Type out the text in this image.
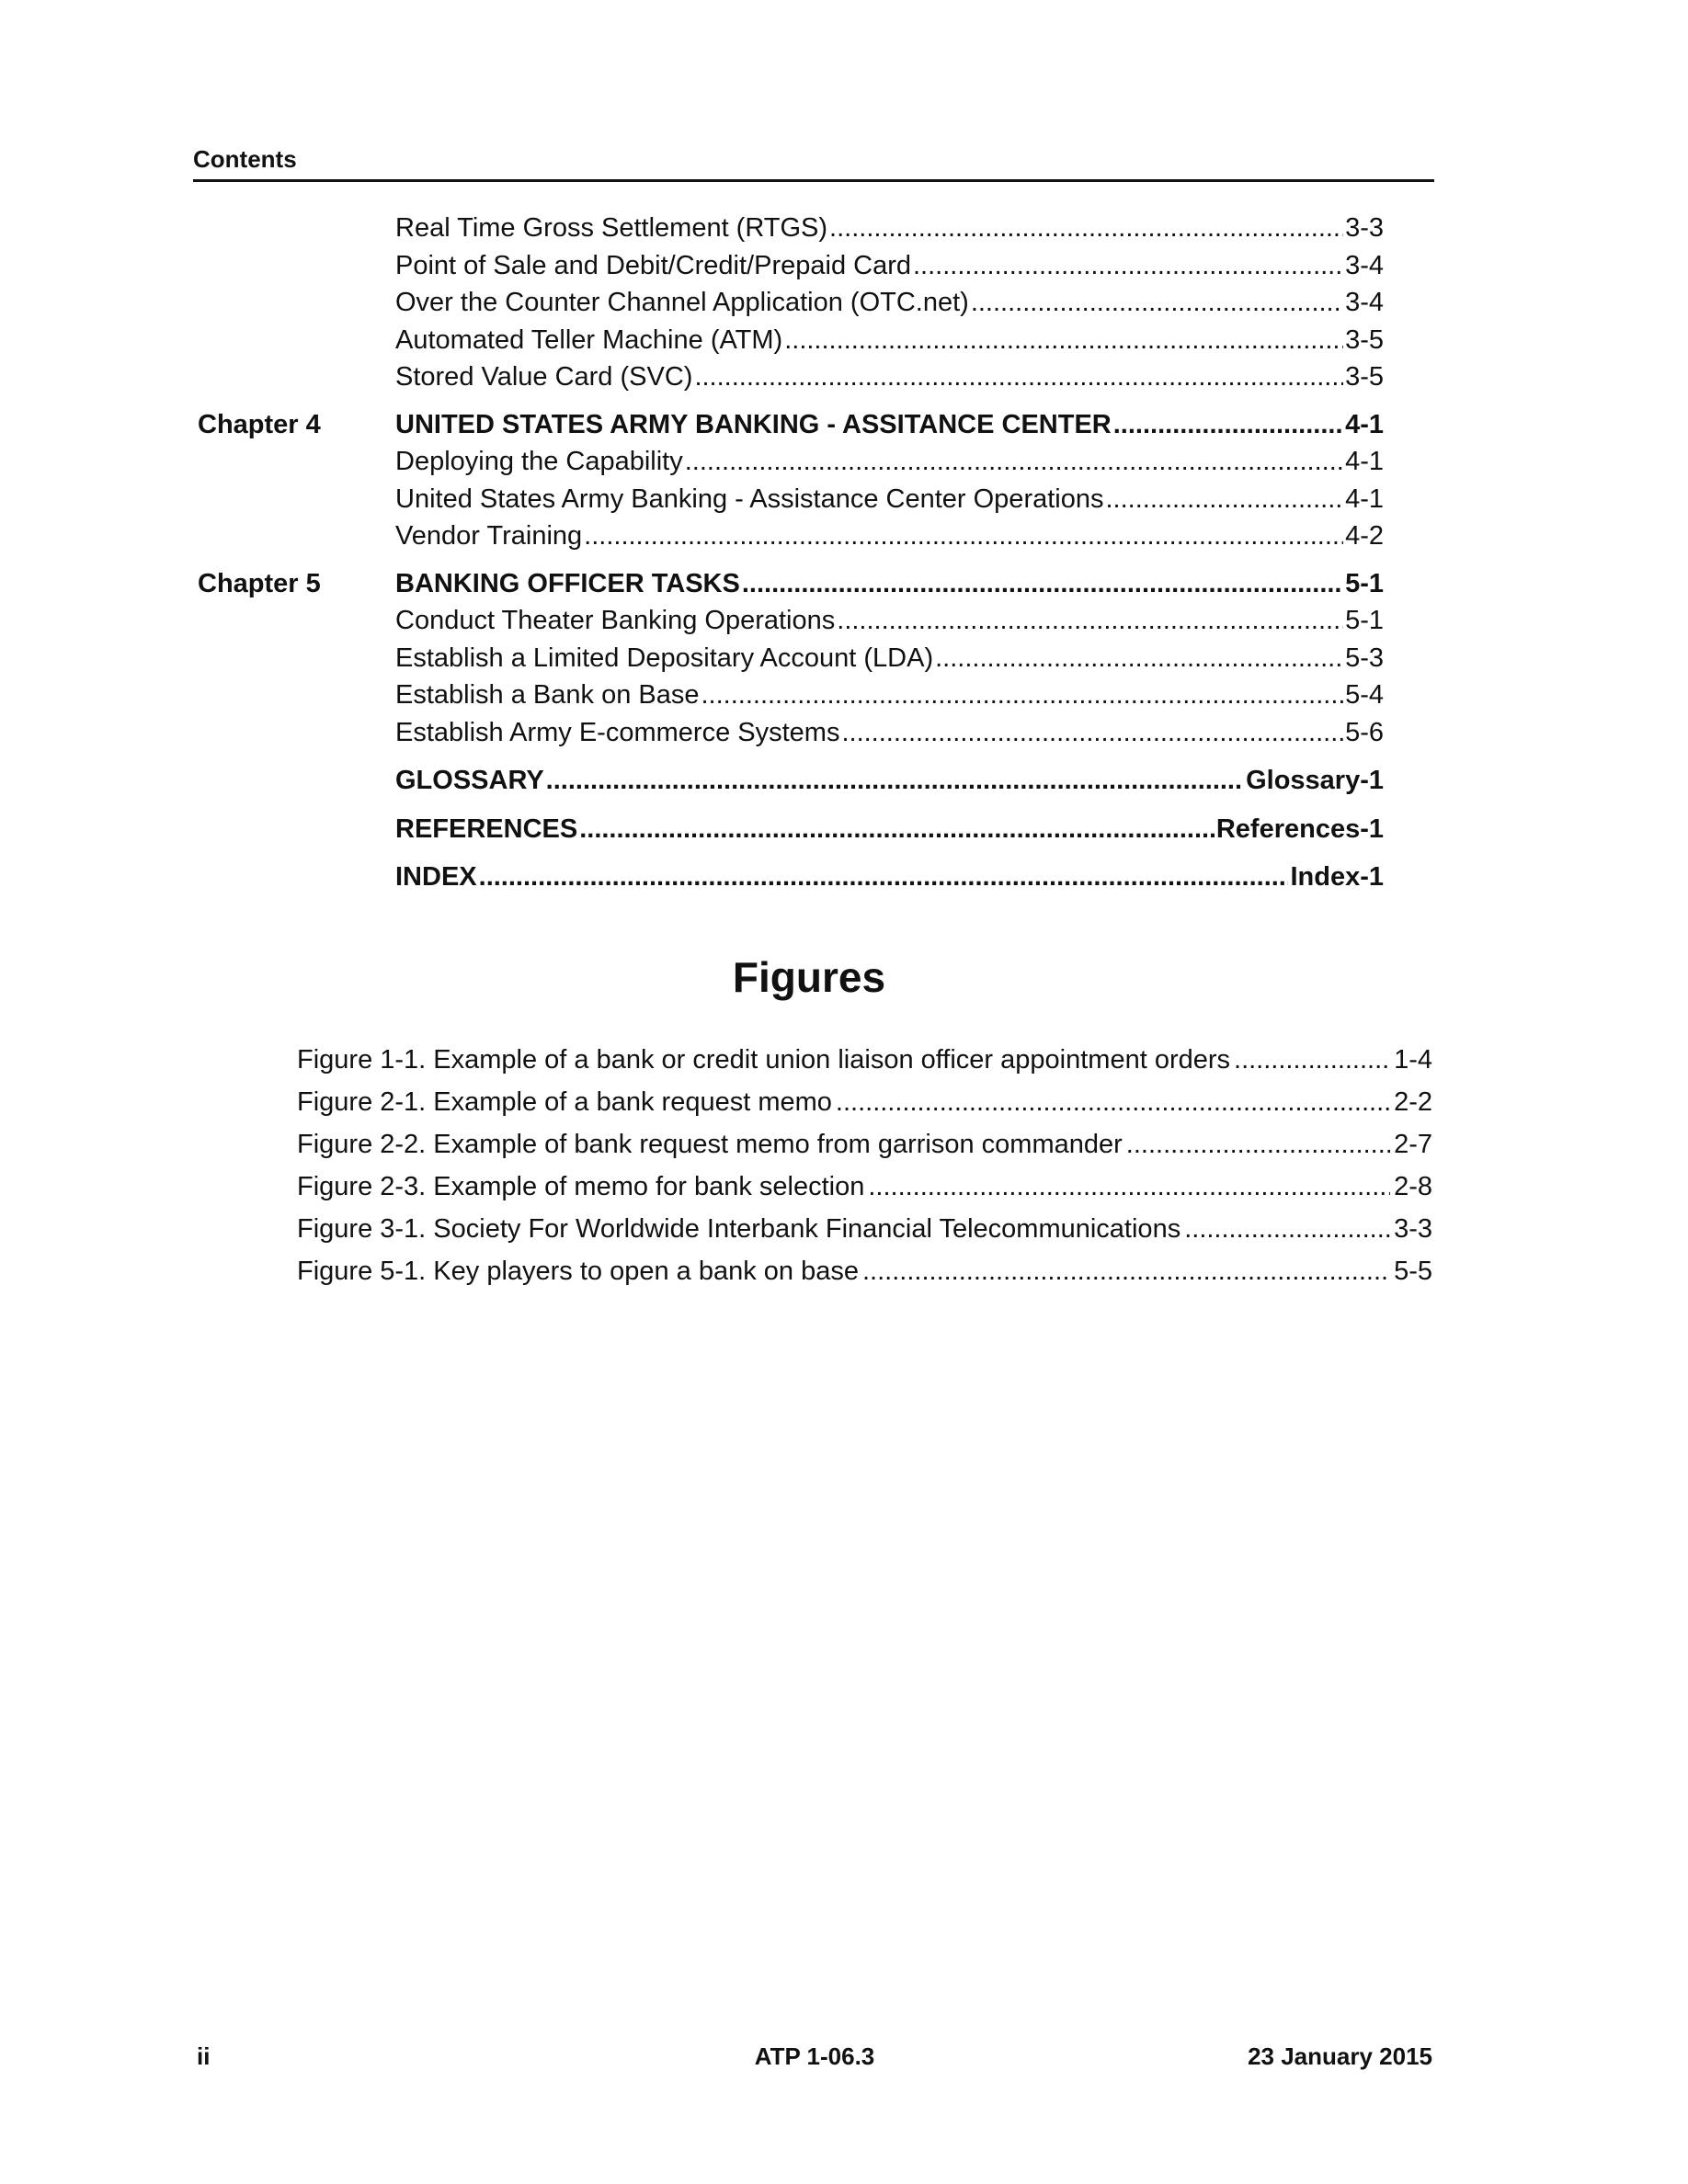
Contents
Real Time Gross Settlement (RTGS) .....	3-3
Point of Sale and Debit/Credit/Prepaid Card .....	3-4
Over the Counter Channel Application (OTC.net) .....	3-4
Automated Teller Machine (ATM) .....	3-5
Stored Value Card (SVC) .....	3-5
Chapter 4	UNITED STATES ARMY BANKING - ASSITANCE CENTER .....	4-1
Deploying the Capability .....	4-1
United States Army Banking - Assistance Center Operations .....	4-1
Vendor Training .....	4-2
Chapter 5	BANKING OFFICER TASKS .....	5-1
Conduct Theater Banking Operations .....	5-1
Establish a Limited Depositary Account (LDA) .....	5-3
Establish a Bank on Base .....	5-4
Establish Army E-commerce Systems .....	5-6
GLOSSARY .....	Glossary-1
REFERENCES .....	References-1
INDEX .....	Index-1
Figures
Figure 1-1. Example of a bank or credit union liaison officer appointment orders .....	1-4
Figure 2-1. Example of a bank request memo .....	2-2
Figure 2-2. Example of bank request memo from garrison commander .....	2-7
Figure 2-3. Example of memo for bank selection .....	2-8
Figure 3-1. Society For Worldwide Interbank Financial Telecommunications .....	3-3
Figure 5-1. Key players to open a bank on base .....	5-5
ii	ATP 1-06.3	23 January 2015
